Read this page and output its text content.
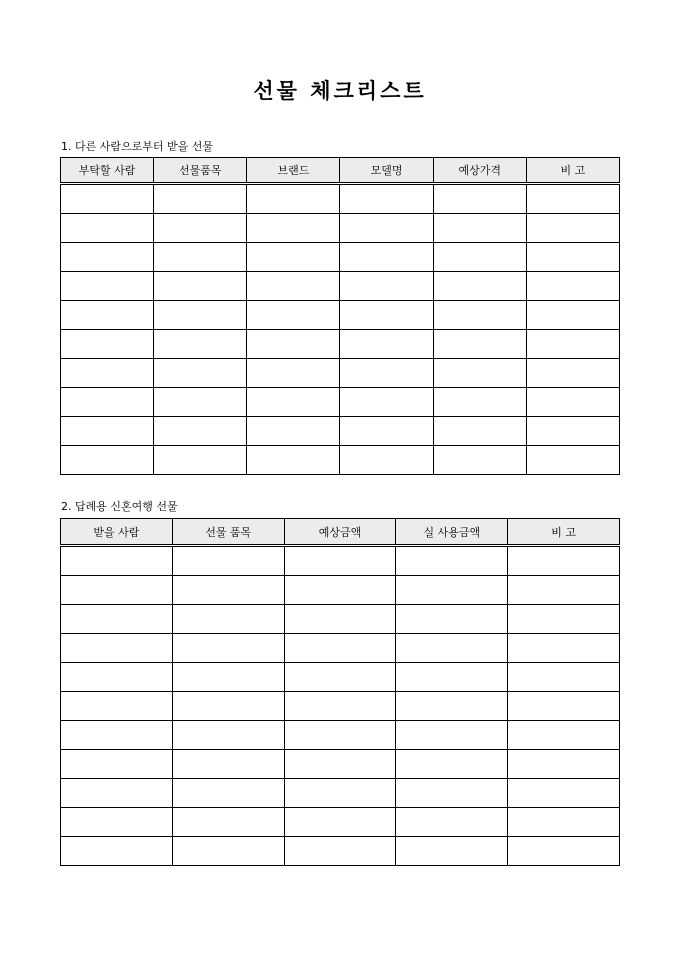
선물 체크리스트
1. 다른 사람으로부터 받을 선물
부탁할 사람	선물품목	브랜드	모델명	예상가격	비 고

2. 답례용 신혼여행 선물
받을 사람	선물 품목	예상금액	실 사용금액	비 고
